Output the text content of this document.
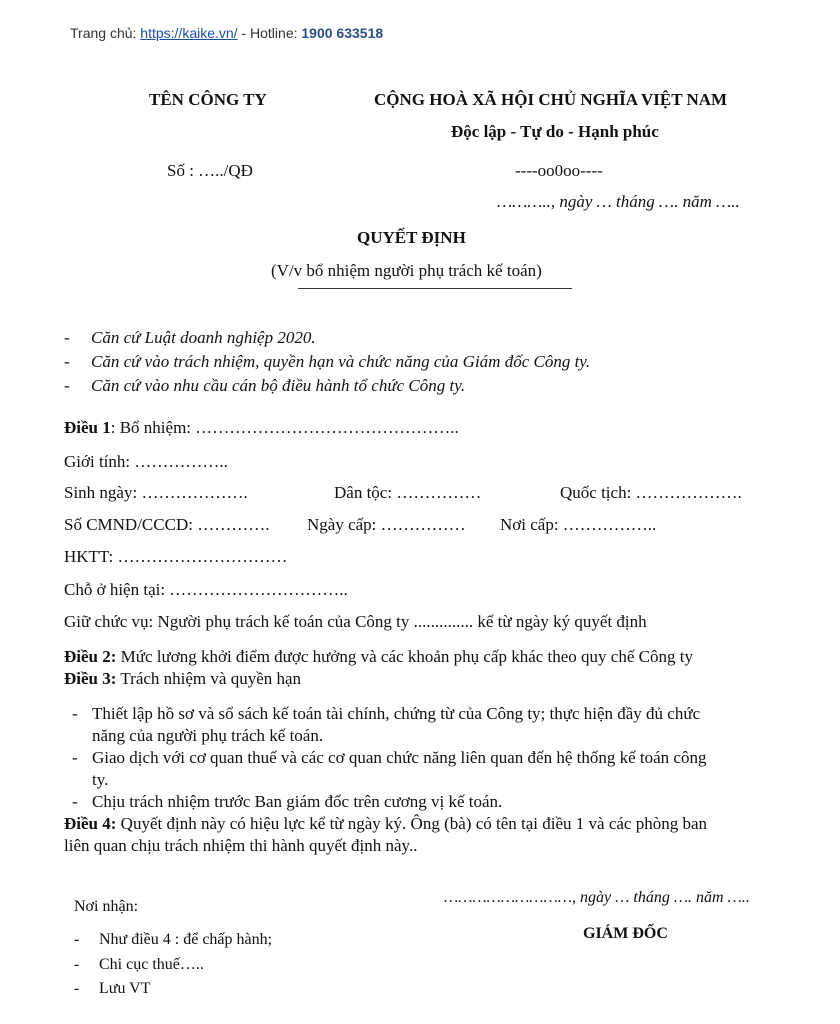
Trang chủ: https://kaike.vn/ - Hotline: 1900 633518
TÊN CÔNG TY	CỘNG HOÀ XÃ HỘI CHỦ NGHĨA VIỆT NAM
Độc lập - Tự do - Hạnh phúc
Số : …../QĐ	----oo0oo----
……….., ngày … tháng …. năm …..
QUYẾT ĐỊNH
(V/v bổ nhiệm người phụ trách kế toán)
- Căn cứ Luật doanh nghiệp 2020.
- Căn cứ vào trách nhiệm, quyền hạn và chức năng của Giám đốc Công ty.
- Căn cứ vào nhu cầu cán bộ điều hành tổ chức Công ty.
Điều 1: Bổ nhiệm: ………………………………………..
Giới tính: ……………..
Sinh ngày: ……………….	Dân tộc: ……………	Quốc tịch: ……………….
Số CMND/CCCD: …………. Ngày cấp: …………… Nơi cấp: ……………..
HKTT: …………………………
Chỗ ở hiện tại: …………………………..
Giữ chức vụ: Người phụ trách kế toán của Công ty .............. kể từ ngày ký quyết định
Điều 2: Mức lương khởi điểm được hưởng và các khoản phụ cấp khác theo quy chế Công ty
Điều 3: Trách nhiệm và quyền hạn
- Thiết lập hồ sơ và sổ sách kế toán tài chính, chứng từ của Công ty; thực hiện đầy đủ chức
năng của người phụ trách kế toán.
- Giao dịch với cơ quan thuế và các cơ quan chức năng liên quan đến hệ thống kế toán công
ty.
- Chịu trách nhiệm trước Ban giám đốc trên cương vị kế toán.
Điều 4: Quyết định này có hiệu lực kể từ ngày ký. Ông (bà) có tên tại điều 1 và các phòng ban
liên quan chịu trách nhiệm thi hành quyết định này..
Nơi nhận:
- Như điều 4 : để chấp hành;
- Chi cục thuế…..
- Lưu VT
………………………, ngày … tháng …. năm …..
GIÁM ĐỐC
